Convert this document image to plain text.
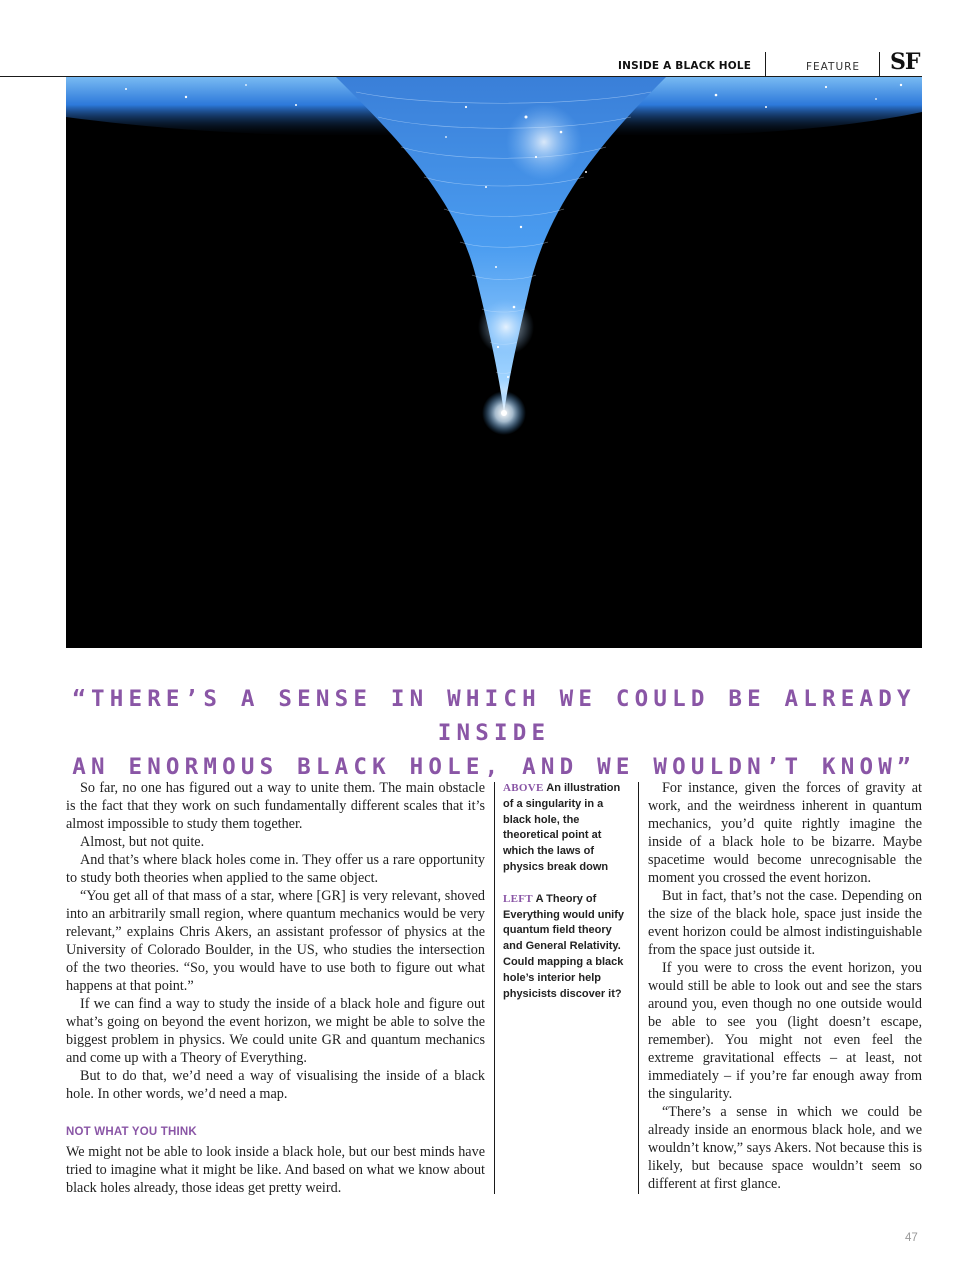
INSIDE A BLACK HOLE	FEATURE SF
“THERE’S A SENSE IN WHICH WE COULD BE ALREADY INSIDE
AN ENORMOUS BLACK HOLE, AND WE WOULDN’T KNOW”

So far, no one has figured out a way to unite them. The main obstacle is the fact that they work on such fundamentally different scales that it’s almost impossible to study them together.

Almost, but not quite.

And that’s where black holes come in. They offer us a rare opportunity to study both theories when applied to the same object.

“You get all of that mass of a star, where [GR] is very relevant, shoved into an arbitrarily small region, where quantum mechanics would be very relevant,” explains Chris Akers, an assistant professor of physics at the University of Colorado Boulder, in the US, who studies the intersection of the two theories. “So, you would have to use both to figure out what happens at that point.”

If we can find a way to study the inside of a black hole and figure out what’s going on beyond the event horizon, we might be able to solve the biggest problem in physics. We could unite GR and quantum mechanics and come up with a Theory of Everything.

But to do that, we’d need a way of visualising the inside of a black hole. In other words, we’d need a map.

NOT WHAT YOU THINK

We might not be able to look inside a black hole, but our best minds have tried to imagine what it might be like. And based on what we know about black holes already, those ideas get pretty weird.

ABOVE An illustration of a singularity in a black hole, the theoretical point at which the laws of physics break down
LEFT A Theory of Everything would unify quantum field theory and General Relativity. Could mapping a black hole’s interior help physicists discover it?

For instance, given the forces of gravity at work, and the weirdness inherent in quantum mechanics, you’d quite rightly imagine the inside of a black hole to be bizarre. Maybe spacetime would become unrecognisable the moment you crossed the event horizon.

But in fact, that’s not the case. Depending on the size of the black hole, space just inside the event horizon could be almost indistinguishable from the space just outside it.

If you were to cross the event horizon, you would still be able to look out and see the stars around you, even though no one outside would be able to see you (light doesn’t escape, remember). You might not even feel the extreme gravitational effects – at least, not immediately – if you’re far enough away from the singularity.

“There’s a sense in which we could be already inside an enormous black hole, and we wouldn’t know,” says Akers. Not because this is likely, but because space wouldn’t seem so different at first glance.

47
